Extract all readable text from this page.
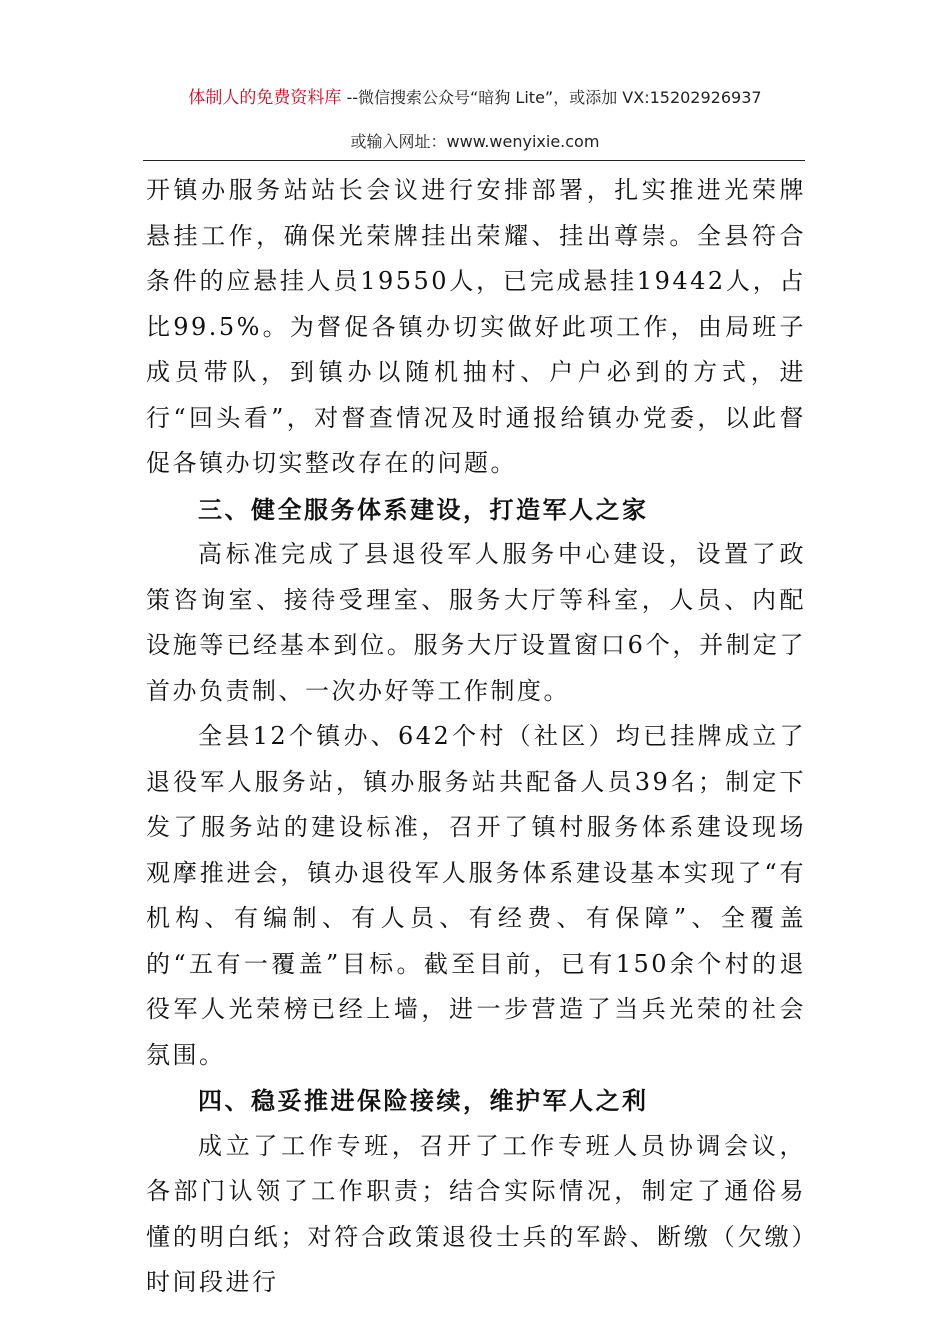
体制人的免费资料库 --微信搜索公众号“暗狗 Lite”，或添加 VX:15202926937
或输入网址：www.wenyixie.com

开镇办服务站站长会议进行安排部署，扎实推进光荣牌悬挂工作，确保光荣牌挂出荣耀、挂出尊崇。全县符合条件的应悬挂人员19550人，已完成悬挂19442人，占比99.5%。为督促各镇办切实做好此项工作，由局班子成员带队，到镇办以随机抽村、户户必到的方式，进行“回头看”，对督查情况及时通报给镇办党委，以此督促各镇办切实整改存在的问题。

三、健全服务体系建设，打造军人之家

高标准完成了县退役军人服务中心建设，设置了政策咨询室、接待受理室、服务大厅等科室，人员、内配设施等已经基本到位。服务大厅设置窗口6个，并制定了首办负责制、一次办好等工作制度。

全县12个镇办、642个村（社区）均已挂牌成立了退役军人服务站，镇办服务站共配备人员39名；制定下发了服务站的建设标准，召开了镇村服务体系建设现场观摩推进会，镇办退役军人服务体系建设基本实现了“有机构、有编制、有人员、有经费、有保障”、全覆盖的“五有一覆盖”目标。截至目前，已有150余个村的退役军人光荣榜已经上墙，进一步营造了当兵光荣的社会氛围。

四、稳妥推进保险接续，维护军人之利

成立了工作专班，召开了工作专班人员协调会议，各部门认领了工作职责；结合实际情况，制定了通俗易懂的明白纸；对符合政策退役士兵的军龄、断缴（欠缴）时间段进行
